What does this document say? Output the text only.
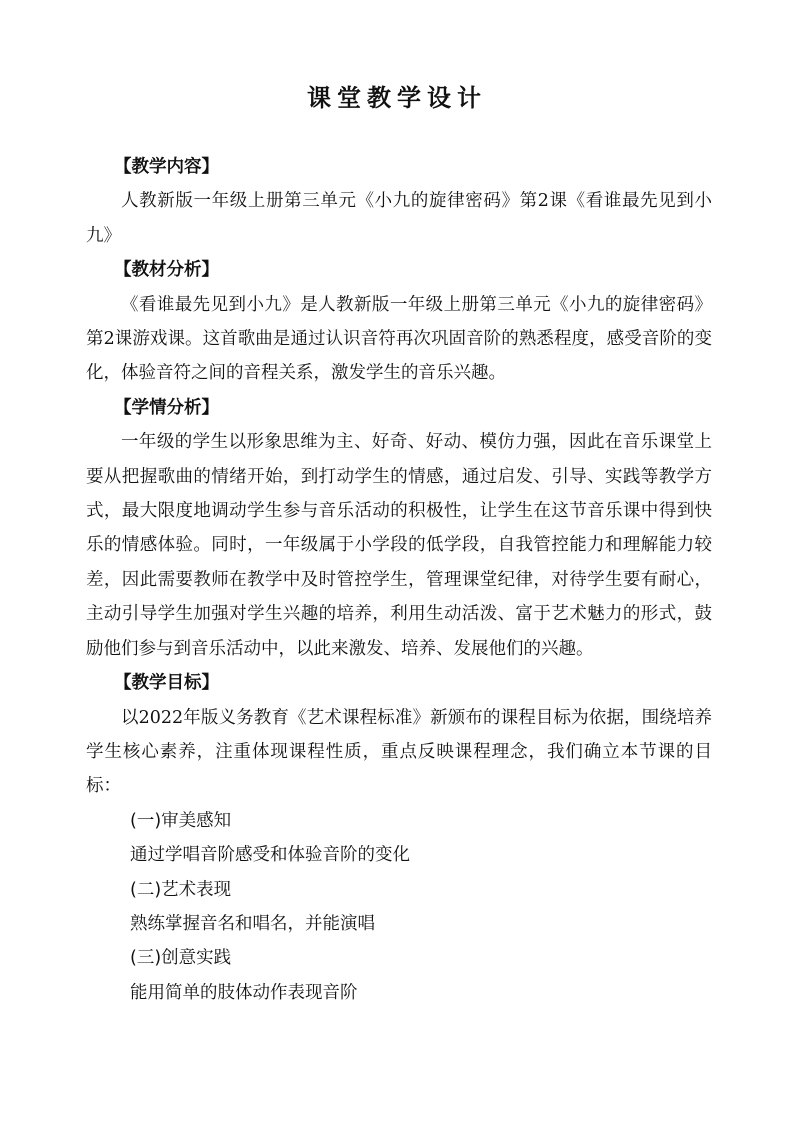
课堂教学设计

【教学内容】

人教新版一年级上册第三单元《小九的旋律密码》第2课《看谁最先见到小九》

【教材分析】

《看谁最先见到小九》是人教新版一年级上册第三单元《小九的旋律密码》第2课游戏课。这首歌曲是通过认识音符再次巩固音阶的熟悉程度，感受音阶的变化，体验音符之间的音程关系，激发学生的音乐兴趣。

【学情分析】

一年级的学生以形象思维为主、好奇、好动、模仿力强，因此在音乐课堂上要从把握歌曲的情绪开始，到打动学生的情感，通过启发、引导、实践等教学方式，最大限度地调动学生参与音乐活动的积极性，让学生在这节音乐课中得到快乐的情感体验。同时，一年级属于小学段的低学段，自我管控能力和理解能力较差，因此需要教师在教学中及时管控学生，管理课堂纪律，对待学生要有耐心，主动引导学生加强对学生兴趣的培养，利用生动活泼、富于艺术魅力的形式，鼓励他们参与到音乐活动中，以此来激发、培养、发展他们的兴趣。

【教学目标】

以2022年版义务教育《艺术课程标准》新颁布的课程目标为依据，围绕培养学生核心素养，注重体现课程性质，重点反映课程理念，我们确立本节课的目标：

(一)审美感知

通过学唱音阶感受和体验音阶的变化

(二)艺术表现

熟练掌握音名和唱名，并能演唱

(三)创意实践

能用简单的肢体动作表现音阶
